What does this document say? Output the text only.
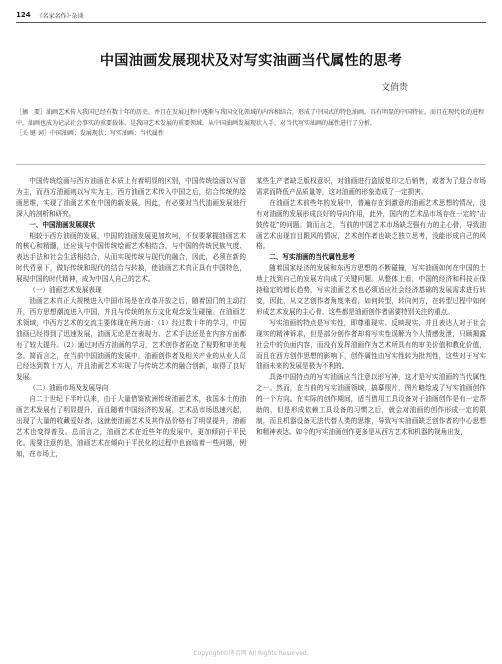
124 《名家名作》·杂谈
中国油画发展现状及对写实油画当代属性的思考
文俏贵

［摘　要］油画艺术传入我国已经有数十年的历史，并且在发展过程中逐渐与我国文化领域的内容相结合，形成了中国式的特色油画，具有明显的中国特征，而且在现代化的进程中，油画也成为记录社会事实的重要载体。是我国艺术发展的重要领域。从中国油画发展现状入手，对当代写实油画的属性进行了分析。

［关 键 词］中国油画；发展现状；写实油画；当代属性

中国传统绘画与西方油画在本质上有着明显的区别，中国传统绘画以写意为主，而西方油画则以写实为主，西方油画艺术传入中国之后，结合传统的绘画思维，实现了油画艺术在中国的新发展，因此，有必要对当代油画发展进行深入的剖析和研究。

一、中国油画发展现状

相较于西方油画的发展，中国的油画发展更加坎坷，不仅要掌握油画艺术的核心和精髓，还应该与中国传统绘画艺术相结合，与中国的传统民族气度、表达手法和社会生活相结合，从而实现传统与现代的融合，因此，必须在新的时代背景下，做好传统和现代的结合与转换，使油画艺术真正具有中国特色，展现中国的时代精神，成为中国人自己的艺术。

（一）油画艺术发展表现

油画艺术真正大规模进入中国市场是在改革开放之后，随着国门的主动打开，西方思想潮流进入中国，并且与传统的东方文化观念发生碰撞。在油画艺术领域，中西方艺术的交流主要体现在两方面：（1）经过数十年的学习，中国油画已经得到了迅速发展，油画无论是在表现力、艺术手法还是在内容方面都有了较大提升。（2）通过对西方油画的学习，艺术创作者拓宽了视野和审美观念。简而言之，在当前中国油画的发展中，油画创作者及相关产业的从业人员已经达到数十万人，并且油画艺术实现了与传统艺术的融合创新，取得了良好发展。

（二）油画市场及发展导向

自二十世纪下半叶以来，由于大量借鉴欧洲传统油画艺术，我国本土的油画艺术发展有了明显提升，而且随着中国经济的发展，艺术品市场迅速兴起，出现了大量的收藏爱好者，这就使油画艺术及其作品价格有了明显提升，油画艺术也变得普及。总而言之，油画艺术在近些年的发展中，更加倾向于平民化。需要注意的是，油画艺术在倾向于平民化的过程中也面临着一些问题，例如，在市场上，

某些生产者缺乏版权意识，对油画进行盗版复印之后销售，或者为了迎合市场需求而降低产品质量等，这对油画的形象造成了一定损害。

在油画艺术前些年的发展中，普遍存在到激意的油画艺术思想的情况，没有对油画的发展形成良好的导向作用，此外，国内的艺术品市场存在一定的“击鼓传花”的问题。简而言之，当前的中国艺术市场缺乏强有力的主心骨，导致油画艺术出现盲目跟风的情况，艺术创作者也缺乏独立思考，没能形成自己的风格。

二、写实油画的当代属性思考

随着国家经济的发展和东西方思想的不断碰撞，写实油画如何在中国的土地上找到自己的发展方向成了关键问题。从整体上看，中国的经济和科技正保持稳定的增长趋势，写实油画艺术也必须适应社会经济基础的发展需求进行转变，因此，从文艺创作者角度来看，如何转型，转向何方，在转型过程中如何形成艺术发展的主心骨，这些都是油画创作者需要特别关注的重点。

写实油画的特点是写实性，即尊重现实、反映现实，并且表达人对于社会现实的精神诉求，但是部分创作者却将写实性误解为个人情感发泄，只顾揭露社会中的负面内容，而没有发挥油画作为艺术所具有的审美价值和教化价值，而且在西方创作思想的影响下，创作属性由写实性转为批判性，这些对于写实油画未来的发展是极为不利的。

具备中国特点的写实油画应当注意以形写神，这才是写实油画的当代属性之一。然而，在当前的写实油画领域，搞摹照片，图片略绘成了写实油画创作的一个方向。在实际的创作期间，适当借用工具设备对于油画创作是有一定帮助的，但是形成依赖工具设备的习惯之后，就会对油画的创作形成一定的限制，而且机器设备无法代替人类的思维，导致写实油画缺乏创作者的中心思想和精神表达。如今的写实油画创作更多是从西方艺术和机器的视角出发，

Copyright©博看网 All Rights Reserved.
